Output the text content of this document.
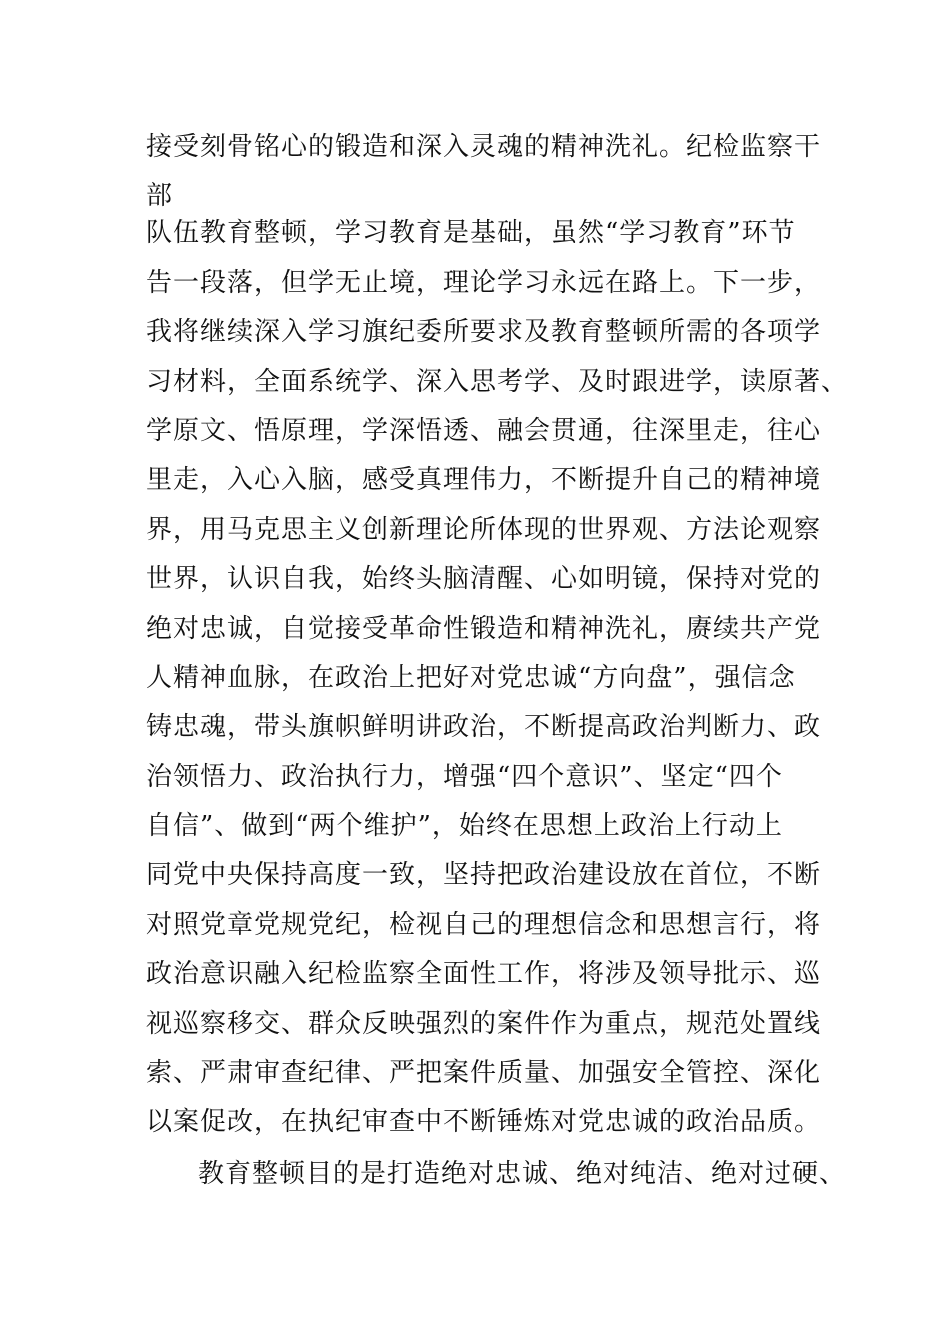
接受刻骨铭心的锻造和深入灵魂的精神洗礼。纪检监察干
部
队伍教育整顿，学习教育是基础，虽然“学习教育”环节
告一段落，但学无止境，理论学习永远在路上。下一步，
我将继续深入学习旗纪委所要求及教育整顿所需的各项学
习材料，全面系统学、深入思考学、及时跟进学，读原著、
学原文、悟原理，学深悟透、融会贯通，往深里走，往心
里走，入心入脑，感受真理伟力，不断提升自己的精神境
界，用马克思主义创新理论所体现的世界观、方法论观察
世界，认识自我，始终头脑清醒、心如明镜，保持对党的
绝对忠诚，自觉接受革命性锻造和精神洗礼，赓续共产党
人精神血脉，在政治上把好对党忠诚“方向盘”，强信念
铸忠魂，带头旗帜鲜明讲政治，不断提高政治判断力、政
治领悟力、政治执行力，增强“四个意识”、坚定“四个
自信”、做到“两个维护”，始终在思想上政治上行动上
同党中央保持高度一致，坚持把政治建设放在首位，不断
对照党章党规党纪，检视自己的理想信念和思想言行，将
政治意识融入纪检监察全面性工作，将涉及领导批示、巡
视巡察移交、群众反映强烈的案件作为重点，规范处置线
索、严肃审查纪律、严把案件质量、加强安全管控、深化
以案促改，在执纪审查中不断锤炼对党忠诚的政治品质。
教育整顿目的是打造绝对忠诚、绝对纯洁、绝对过硬、
